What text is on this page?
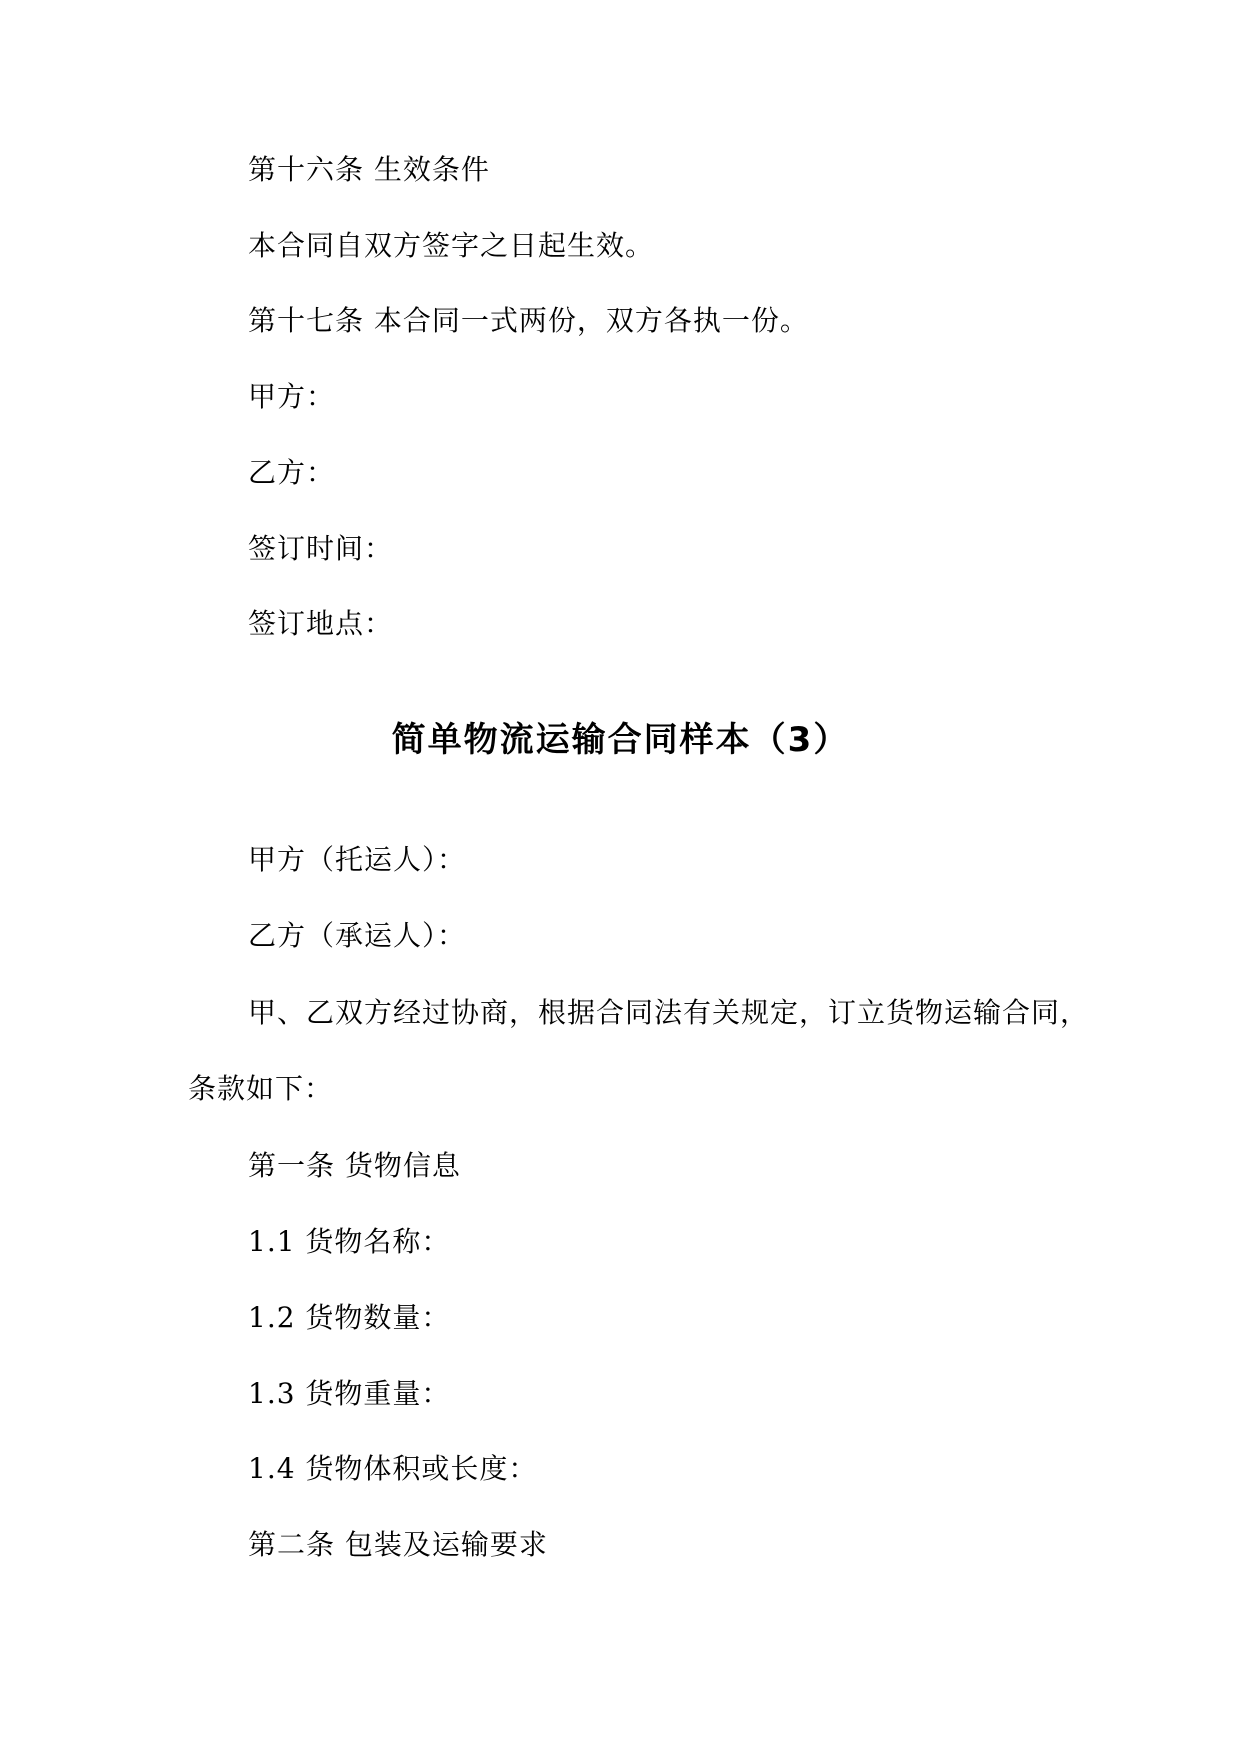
第十六条 生效条件
本合同自双方签字之日起生效。
第十七条 本合同一式两份，双方各执一份。
甲方：
乙方：
签订时间：
签订地点：
简单物流运输合同样本（3）
甲方（托运人）：
乙方（承运人）：
甲、乙双方经过协商，根据合同法有关规定，订立货物运输合同，
条款如下：
第一条 货物信息
1.1 货物名称：
1.2 货物数量：
1.3 货物重量：
1.4 货物体积或长度：
第二条 包装及运输要求
